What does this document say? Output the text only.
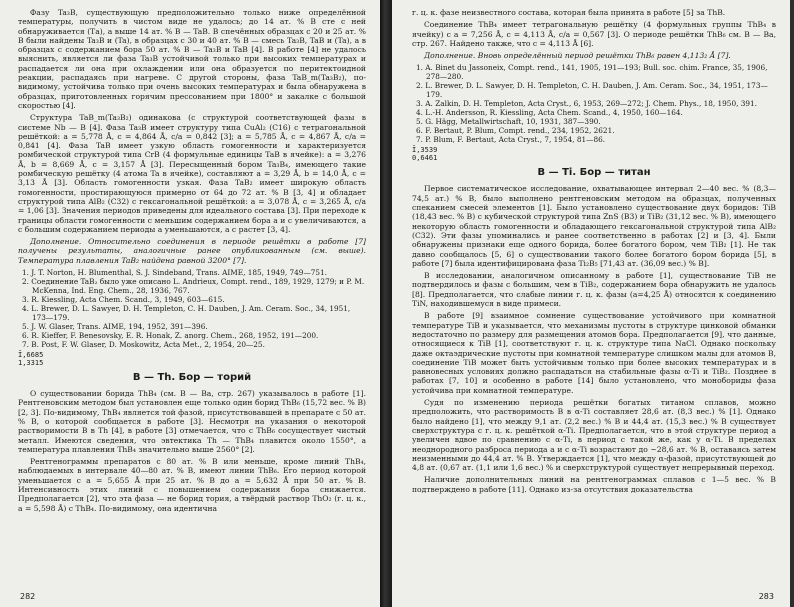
Фазу Ta₃B, существующую предположительно только ниже определённой температуры, получить в чистом виде не удалось; до 14 ат. % В сте с ней обнаруживается (Та), а выше 14 ат. % В — TaB. В спечённых образцах с 20 и 25 ат. % В были найдены Ta₃B и (Ta), в образцах с 30 и 40 ат. % В — смесь Ta₃B, TaB и (Ta), а в образцах с содержанием бора 50 ат. % В — Ta₃B и TaB [4]. В работе [4] не удалось выяснить, является ли фаза Ta₃B устойчивой только при высоких температурах и распадается ли она при охлаждении или она образуется по перитектоидной реакции, распадаясь при нагреве. С другой стороны, фаза TaB_m(Ta₃B₂), по-видимому, устойчива только при очень высоких температурах и была обнаружена в образцах, приготовленных горячим прессованием при 1800° и закалке с большой скоростью [4].

Структура TaB_m(Ta₃B₂) одинакова (с структурой соответствующей фазы в системе Nb — B [4]. Фаза Ta₃B имеет структуру типа CuAl₂ (C16) с тетрагональной решёткой: a = 5,778 Å, c = 4,864 Å, c/a = 0,842 [3]; a = 5,785 Å, c = 4,867 Å, c/a = 0,841 [4]. Фаза TaB имеет узкую область гомогенности и характеризуется ромбической структурой типа CrB (4 формульные единицы TaB в ячейке): a = 3,276 Å, b = 8,669 Å, c = 3,157 Å [3]. Пересыщенный бором Ta₃B₄, имеющего такие ромбическую решётку (4 атома Ta в ячейке), составляют a = 3,29 Å, b = 14,0 Å, c = 3,13 Å [3]. Область гомогенности узкая. Фаза TaB₂ имеет широкую область гомогенности, простирающуюся примерно от 64 до 72 ат. % В [3, 4] и обладает структурой типа AlB₂ (C32) с гексагональной решёткой: a = 3,078 Å, c = 3,265 Å, c/a = 1,06 [3]. Значения периодов приведены для идеального состава [3]. При переходе к границы области гомогенности с меньшим содержанием бора a и с увеличиваются, а с большим содержанием периоды a уменьшаются, а с растет [3, 4].

Дополнение. Относительно соединения в периоде решётки в работе [7] получены результаты, аналогичные ранее опубликованным (см. выше). Температура плавления TaB₂ найдена равной 3200° [7].

1. J. T. Norton, H. Blumenthal, S. J. Sindeband, Trans. AIME, 185, 1949, 749—751.

2. Соединение TaB₂ было уже описано L. Andrieux, Compt. rend., 189, 1929, 1279; и P. M. McKenna, Ind. Eng. Chem., 28, 1936, 767.

3. R. Kiessling, Acta Chem. Scand., 3, 1949, 603—615.

4. L. Brewer, D. L. Sawyer, D. H. Templeton, C. H. Dauben, J. Am. Ceram. Soc., 34, 1951, 173—179.

5. J. W. Glaser, Trans. AIME, 194, 1952, 391—396.

6. R. Kieffer, F. Benesovsky, E. R. Honak, Z. anorg. Chem., 268, 1952, 191—200.

7. B. Post, F. W. Glaser, D. Moskowitz, Acta Met., 2, 1954, 20—25.

Ī,6685
1,3315
B — Th. Бор — торий

О существовании борида ThB₄ (см. B — Ba, стр. 267) указывалось в работе [1]. Рентгеновским методом был установлен еще только один борид ThB₆ (15,72 вес. % В) [2, 3]. По-видимому, ThB₄ является той фазой, присутствовавшей в препарате с 50 ат. % В, о которой сообщается в работе [3]. Несмотря на указания о некоторой растворимости B в Th [4], в работе [3] отмечается, что с ThB₆ сосуществует чистый металл. Имеются сведения, что эвтектика Th — ThB₄ плавится около 1550°, а температура плавления ThB₄ значительно выше 2560° [2].

Рентгенограммы препаратов с 80 ат. % В или меньше, кроме линий ThB₄, наблюдаемых в интервале 40—80 ат. % В, имеют линии ThB₆. Его период которой уменьшается с a = 5,655 Å при 25 ат. % В до a = 5,632 Å при 50 ат. % В. Интенсивность этих линий с повышением содержания бора снижается. Предполагается [2], что эта фаза — не борид тория, а твёрдый раствор ThO₂ (г. ц. к., a = 5,598 Å) с ThB₄. По-видимому, она идентична

282

г. ц. к. фазе неизвестного состава, которая была принята в работе [5] за ThB.

Соединение ThB₄ имеет тетрагональную решётку (4 формульных группы ThB₄ в ячейку) с a = 7,256 Å, c = 4,113 Å, c/a = 0,567 [3]. О периоде решётки ThB₆ см. B — Ba, стр. 267. Найдено также, что c = 4,113 Å [6].

Дополнение. Вновь определённый период решётки ThB₆ равен 4,113₂ Å [7].

1. A. Binet du Jassoneix, Compt. rend., 141, 1905, 191—193; Bull. soc. chim. France, 35, 1906, 278—280.

2. L. Brewer, D. L. Sawyer, D. H. Templeton, C. H. Dauben, J. Am. Ceram. Soc., 34, 1951, 173—179.

3. A. Zalkin, D. H. Templeton, Acta Cryst., 6, 1953, 269—272; J. Chem. Phys., 18, 1950, 391.

4. L.-H. Andersson, R. Kiessling, Acta Chem. Scand., 4, 1950, 160—164.

5. G. Hägg, Metallwirtschaft, 10, 1931, 387—390.

6. F. Bertaut, P. Blum, Compt. rend., 234, 1952, 2621.

7. P. Blum, F. Bertaut, Acta Cryst., 7, 1954, 81—86.

Ī,3539
0,6461
B — Ti. Бор — титан

Первое систематическое исследование, охватывающее интервал 2—40 вес. % (8,3—74,5 ат.) % В, было выполнено рентгеновским методом на образцах, полученных спеканием смесей элементов [1]. Было установлено существование двух боридов: TiB (18,43 вес. % В) с кубической структурой типа ZnS (B3) и TiB₂ (31,12 вес. % В), имеющего некоторую область гомогенности и обладающего гексагональной структурой типа AlB₂ (C32). Эти фазы упоминались и ранее соответственно в работах [2] и [3, 4]. Были обнаружены признаки еще одного борида, более богатого бором, чем TiB₂ [1]. Не так давно сообщалось [5, 6] о существовании такого более богатого бором борида [5], в работе [7] была идентифицирована фаза Ti₂B₅ [71,43 ат. (36,09 вес.) % В].

В исследовании, аналогичном описанному в работе [1], существование TiB не подтвердилось и фазы с большим, чем в TiB₂, содержанием бора обнаружить не удалось [8]. Предполагается, что слабые линии г. ц. к. фазы (a=4,25 Å) относятся к соединению TiN, находившемуся в виде примеси.

В работе [9] взаимное сомнение существование устойчивого при комнатной температуре TiB и указывается, что механизмы пустоты в структуре цинковой обманки недостаточно по размеру для размещения атомов бора. Предполагается [9], что данные, относящиеся к TiB [1], соответствуют г. ц. к. структуре типа NaCl. Однако поскольку даже октаэдрические пустоты при комнатной температуре слишком малы для атомов В, соединение TiB может быть устойчивым только при более высоких температурах и в равновесных условиях должно распадаться на стабильные фазы α-Ti и TiB₂. Позднее в работах [7, 10] и особенно в работе [14] было установлено, что монобориды фаза устойчива при комнатной температуре.

Судя по изменению периода решётки богатых титаном сплавов, можно предположить, что растворимость В в α-Ti составляет 28,6 ат. (8,3 вес.) % [1]. Однако было найдено [1], что между 9,1 ат. (2,2 вес.) % В и 44,4 ат. (15,3 вес.) % В существует сверхструктура с г. ц. к. решёткой α-Ti. Предполагается, что в этой структуре период a увеличен вдвое по сравнению с α-Ti, в период с такой же, как у α-Ti. В пределах неоднородного разброса периода a и c α-Ti возрастают до ~28,6 ат. % В, оставаясь затем неизменными до 44,4 ат. % В. Утверждается [1], что между α-фазой, присутствующей до 4,8 ат. (0,67 ат. (1,1 или 1,6 вес.) % и сверхструктурой существует непрерывный переход.

Наличие дополнительных линий на рентгенограммах сплавов с 1—5 вес. % В подтверждено в работе [11]. Однако из-за отсутствия доказательства

283
